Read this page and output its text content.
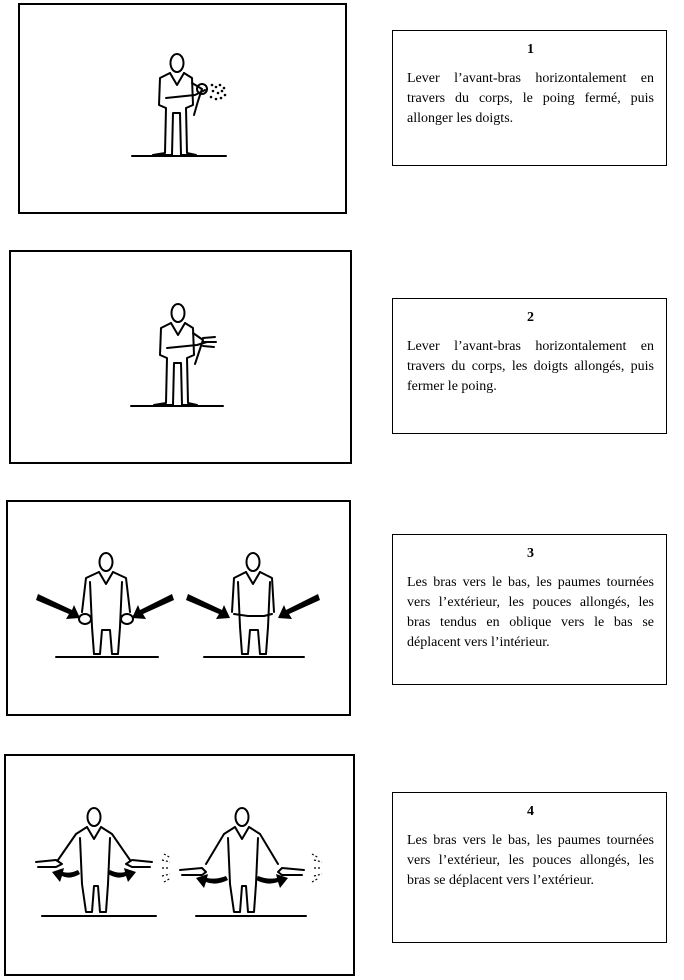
1
Lever l’avant-bras horizontalement en travers du corps, le poing fermé, puis allonger les doigts.
2
Lever l’avant-bras horizontalement en travers du corps, les doigts allongés, puis fermer le poing.
3
Les bras vers le bas, les paumes tournées vers l’extérieur, les pouces allongés, les bras tendus en oblique vers le bas se déplacent vers l’intérieur.
4
Les bras vers le bas, les paumes tournées vers l’extérieur, les pouces allongés, les bras se déplacent vers l’extérieur.
